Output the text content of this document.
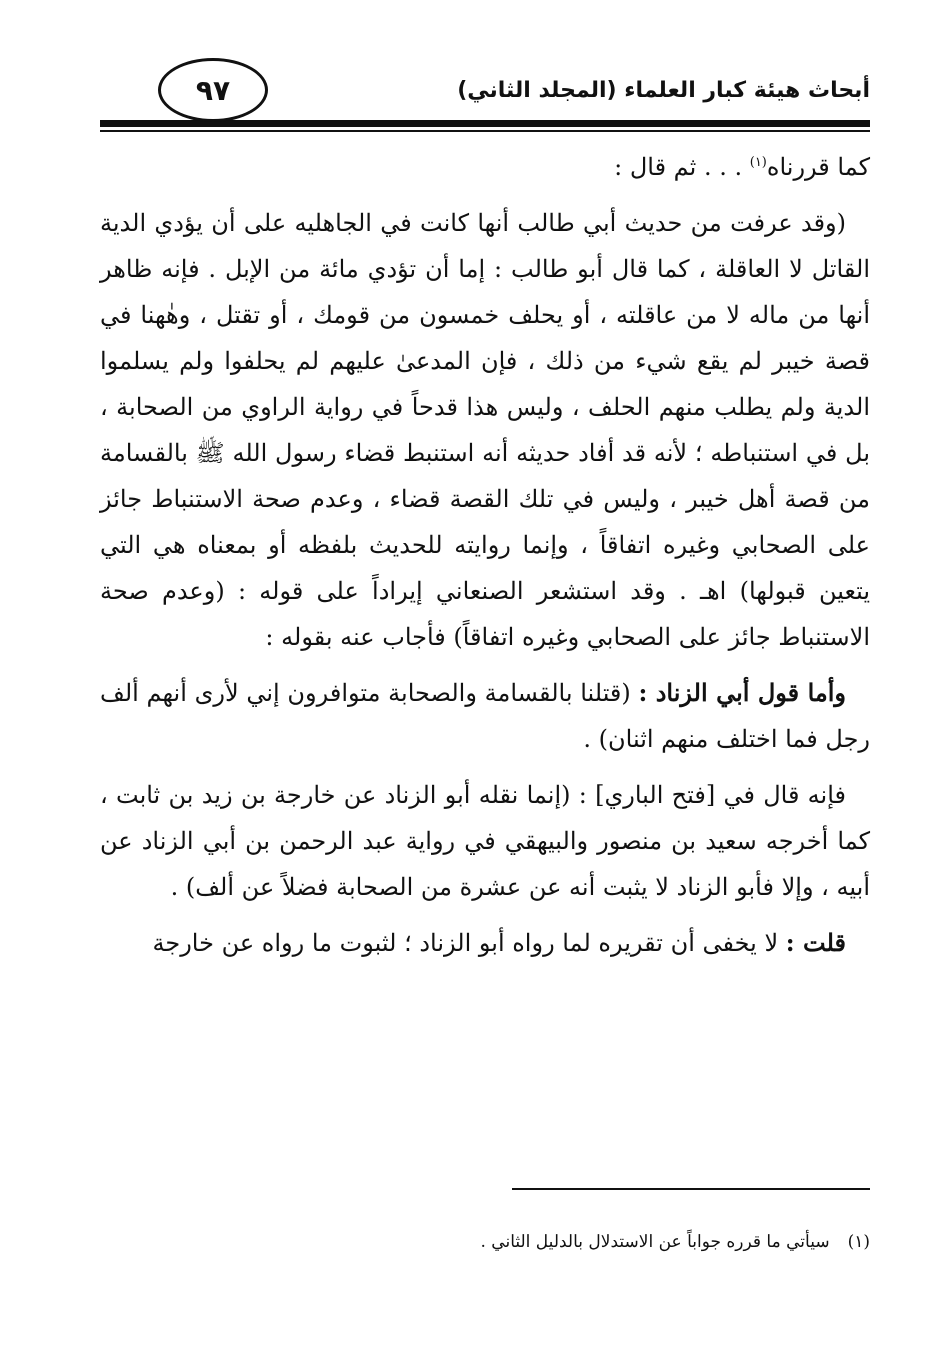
٩٧	أبحاث هيئة كبار العلماء (المجلد الثاني)

كما قررناه$^{(١)}$ . . . ثم قال :

(وقد عرفت من حديث أبي طالب أنها كانت في الجاهليه على أن يؤدي الدية القاتل لا العاقلة ، كما قال أبو طالب : إما أن تؤدي مائة من الإبل . فإنه ظاهر أنها من ماله لا من عاقلته ، أو يحلف خمسون من قومك ، أو تقتل ، وهٰهنا في قصة خيبر لم يقع شيء من ذلك ، فإن المدعىٰ عليهم لم يحلفوا ولم يسلموا الدية ولم يطلب منهم الحلف ، وليس هذا قدحاً في رواية الراوي من الصحابة ، بل في استنباطه ؛ لأنه قد أفاد حديثه أنه استنبط قضاء رسول الله ﷺ بالقسامة من قصة أهل خيبر ، وليس في تلك القصة قضاء ، وعدم صحة الاستنباط جائز على الصحابي وغيره اتفاقاً ، وإنما روايته للحديث بلفظه أو بمعناه هي التي يتعين قبولها) اهـ . وقد استشعر الصنعاني إيراداً على قوله : (وعدم صحة الاستنباط جائز على الصحابي وغيره اتفاقاً) فأجاب عنه بقوله :

وأما قول أبي الزناد : (قتلنا بالقسامة والصحابة متوافرون إني لأرى أنهم ألف رجل فما اختلف منهم اثنان) .

فإنه قال في [فتح الباري] : (إنما نقله أبو الزناد عن خارجة بن زيد بن ثابت ، كما أخرجه سعيد بن منصور والبيهقي في رواية عبد الرحمن بن أبي الزناد عن أبيه ، وإلا فأبو الزناد لا يثبت أنه عن عشرة من الصحابة فضلاً عن ألف) .

قلت : لا يخفى أن تقريره لما رواه أبو الزناد ؛ لثبوت ما رواه عن خارجة

(١)سيأتي ما قرره جواباً عن الاستدلال بالدليل الثاني .
